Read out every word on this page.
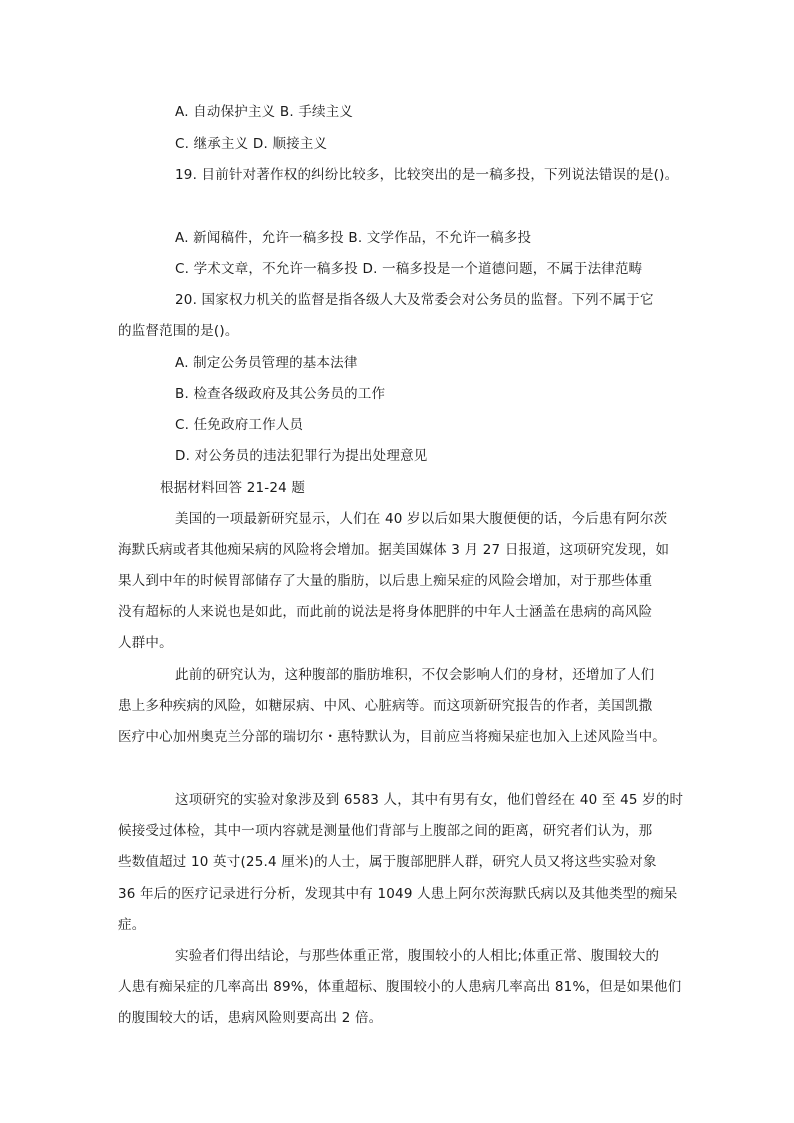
A. 自动保护主义 B. 手续主义
C. 继承主义 D. 顺接主义
19. 目前针对著作权的纠纷比较多，比较突出的是一稿多投，下列说法错误的是()。
A. 新闻稿件，允许一稿多投 B. 文学作品，不允许一稿多投
C. 学术文章，不允许一稿多投 D. 一稿多投是一个道德问题，不属于法律范畴
20. 国家权力机关的监督是指各级人大及常委会对公务员的监督。下列不属于它
的监督范围的是()。
A. 制定公务员管理的基本法律
B. 检查各级政府及其公务员的工作
C. 任免政府工作人员
D. 对公务员的违法犯罪行为提出处理意见
根据材料回答 21-24 题
美国的一项最新研究显示，人们在 40 岁以后如果大腹便便的话，今后患有阿尔茨
海默氏病或者其他痴呆病的风险将会增加。据美国媒体 3 月 27 日报道，这项研究发现，如
果人到中年的时候胃部储存了大量的脂肪，以后患上痴呆症的风险会增加，对于那些体重
没有超标的人来说也是如此，而此前的说法是将身体肥胖的中年人士涵盖在患病的高风险
人群中。
此前的研究认为，这种腹部的脂肪堆积，不仅会影响人们的身材，还增加了人们
患上多种疾病的风险，如糖尿病、中风、心脏病等。而这项新研究报告的作者，美国凯撒
医疗中心加州奥克兰分部的瑞切尔・惠特默认为，目前应当将痴呆症也加入上述风险当中。
这项研究的实验对象涉及到 6583 人，其中有男有女，他们曾经在 40 至 45 岁的时
候接受过体检，其中一项内容就是测量他们背部与上腹部之间的距离，研究者们认为，那
些数值超过 10 英寸(25.4 厘米)的人士，属于腹部肥胖人群，研究人员又将这些实验对象
36 年后的医疗记录进行分析，发现其中有 1049 人患上阿尔茨海默氏病以及其他类型的痴呆
症。
实验者们得出结论，与那些体重正常，腹围较小的人相比;体重正常、腹围较大的
人患有痴呆症的几率高出 89%，体重超标、腹围较小的人患病几率高出 81%，但是如果他们
的腹围较大的话，患病风险则要高出 2 倍。
